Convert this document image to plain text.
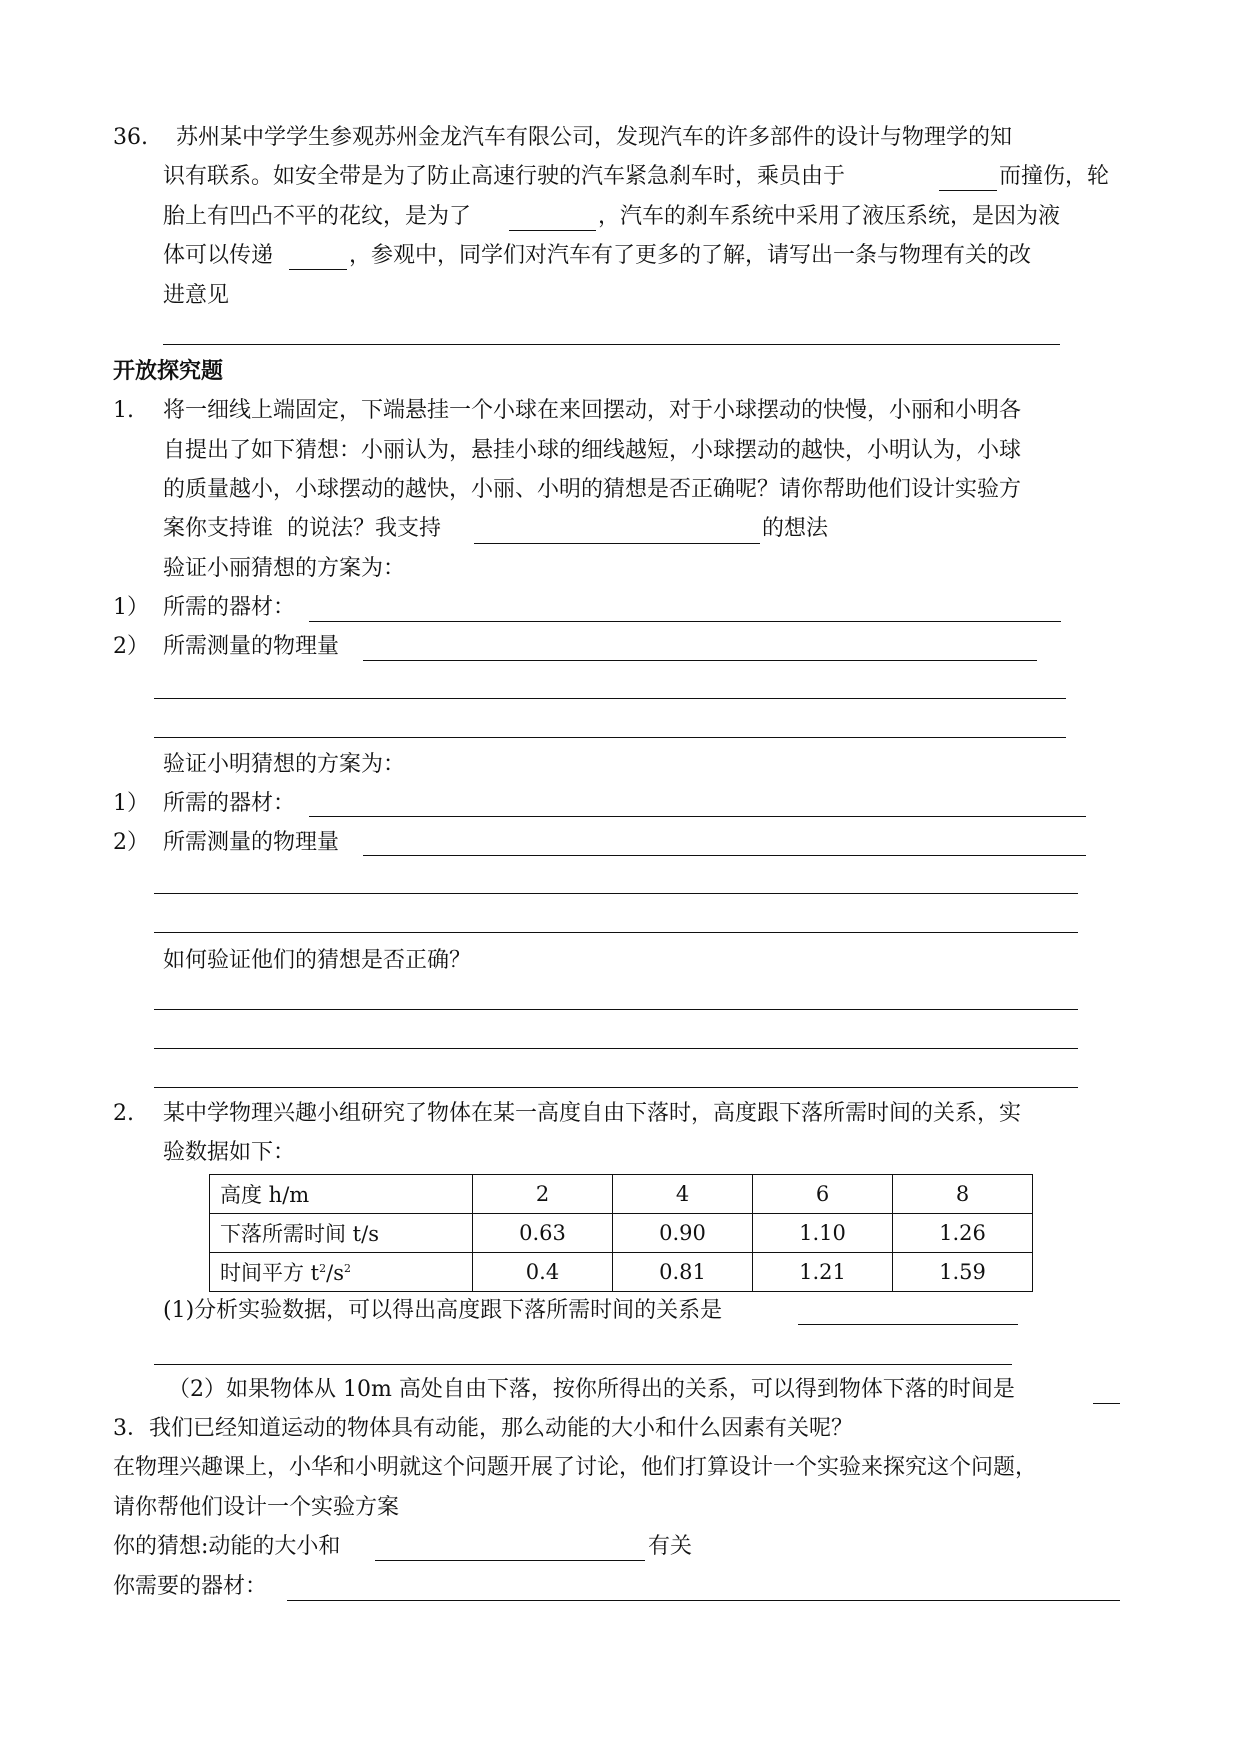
36. 苏州某中学学生参观苏州金龙汽车有限公司，发现汽车的许多部件的设计与物理学的知
识有联系。如安全带是为了防止高速行驶的汽车紧急刹车时，乘员由于	而撞伤，轮
胎上有凹凸不平的花纹，是为了	，汽车的刹车系统中采用了液压系统，是因为液
体可以传递	，参观中，同学们对汽车有了更多的了解，请写出一条与物理有关的改
进意见
开放探究题
1. 将一细线上端固定，下端悬挂一个小球在来回摆动，对于小球摆动的快慢，小丽和小明各
自提出了如下猜想：小丽认为，悬挂小球的细线越短，小球摆动的越快，小明认为，小球
的质量越小，小球摆动的越快，小丽、小明的猜想是否正确呢？请你帮助他们设计实验方
案你支持谁  的说法？我支持	的想法
验证小丽猜想的方案为：
1） 所需的器材：
2） 所需测量的物理量
验证小明猜想的方案为：
1） 所需的器材：
2） 所需测量的物理量
如何验证他们的猜想是否正确？
2. 某中学物理兴趣小组研究了物体在某一高度自由下落时，高度跟下落所需时间的关系，实
验数据如下：
高度 h/m	2	4	6	8
下落所需时间 t/s	0.63	0.90	1.10	1.26
时间平方 $t^2/s^2$	0.4	0.81	1.21	1.59
(1)分析实验数据，可以得出高度跟下落所需时间的关系是
（2）如果物体从 10m 高处自由下落，按你所得出的关系，可以得到物体下落的时间是
3．我们已经知道运动的物体具有动能，那么动能的大小和什么因素有关呢？
在物理兴趣课上，小华和小明就这个问题开展了讨论，他们打算设计一个实验来探究这个问题，
请你帮他们设计一个实验方案
你的猜想:动能的大小和	有关
你需要的器材：
